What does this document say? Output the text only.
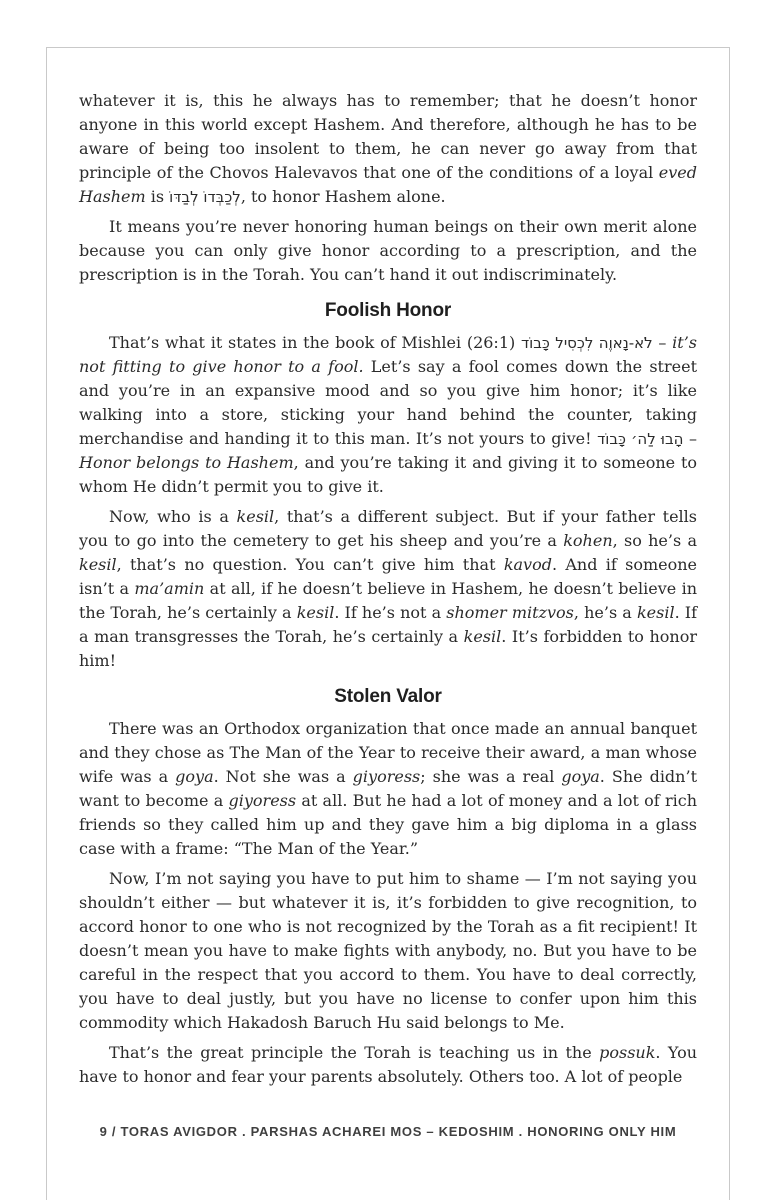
whatever it is, this he always has to remember; that he doesn’t honor anyone in this world except Hashem. And therefore, although he has to be aware of being too insolent to them, he can never go away from that principle of the Chovos Halevavos that one of the conditions of a loyal eved Hashem is לְכַבְּדוֹ לְבַדּוֹ, to honor Hashem alone.

It means you’re never honoring human beings on their own merit alone because you can only give honor according to a prescription, and the prescription is in the Torah. You can’t hand it out indiscriminately.

Foolish Honor

That’s what it states in the book of Mishlei (26:1) לֹא-נָאוֶה לִכְסִיל כָּבוֹד – it’s not fitting to give honor to a fool. Let’s say a fool comes down the street and you’re in an expansive mood and so you give him honor; it’s like walking into a store, sticking your hand behind the counter, taking merchandise and handing it to this man. It’s not yours to give! הָבוּ לַה׳ כָּבוֹד – Honor belongs to Hashem, and you’re taking it and giving it to someone to whom He didn’t permit you to give it.

Now, who is a kesil, that’s a different subject. But if your father tells you to go into the cemetery to get his sheep and you’re a kohen, so he’s a kesil, that’s no question. You can’t give him that kavod. And if someone isn’t a ma’amin at all, if he doesn’t believe in Hashem, he doesn’t believe in the Torah, he’s certainly a kesil. If he’s not a shomer mitzvos, he’s a kesil. If a man transgresses the Torah, he’s certainly a kesil. It’s forbidden to honor him!

Stolen Valor

There was an Orthodox organization that once made an annual banquet and they chose as The Man of the Year to receive their award, a man whose wife was a goya. Not she was a giyoress; she was a real goya. She didn’t want to become a giyoress at all. But he had a lot of money and a lot of rich friends so they called him up and they gave him a big diploma in a glass case with a frame: “The Man of the Year.”

Now, I’m not saying you have to put him to shame — I’m not saying you shouldn’t either — but whatever it is, it’s forbidden to give recognition, to accord honor to one who is not recognized by the Torah as a fit recipient! It doesn’t mean you have to make fights with anybody, no. But you have to be careful in the respect that you accord to them. You have to deal correctly, you have to deal justly, but you have no license to confer upon him this commodity which Hakadosh Baruch Hu said belongs to Me.

That’s the great principle the Torah is teaching us in the possuk. You have to honor and fear your parents absolutely. Others too. A lot of people

9 / TORAS AVIGDOR . PARSHAS ACHAREI MOS – KEDOSHIM . HONORING ONLY HIM
